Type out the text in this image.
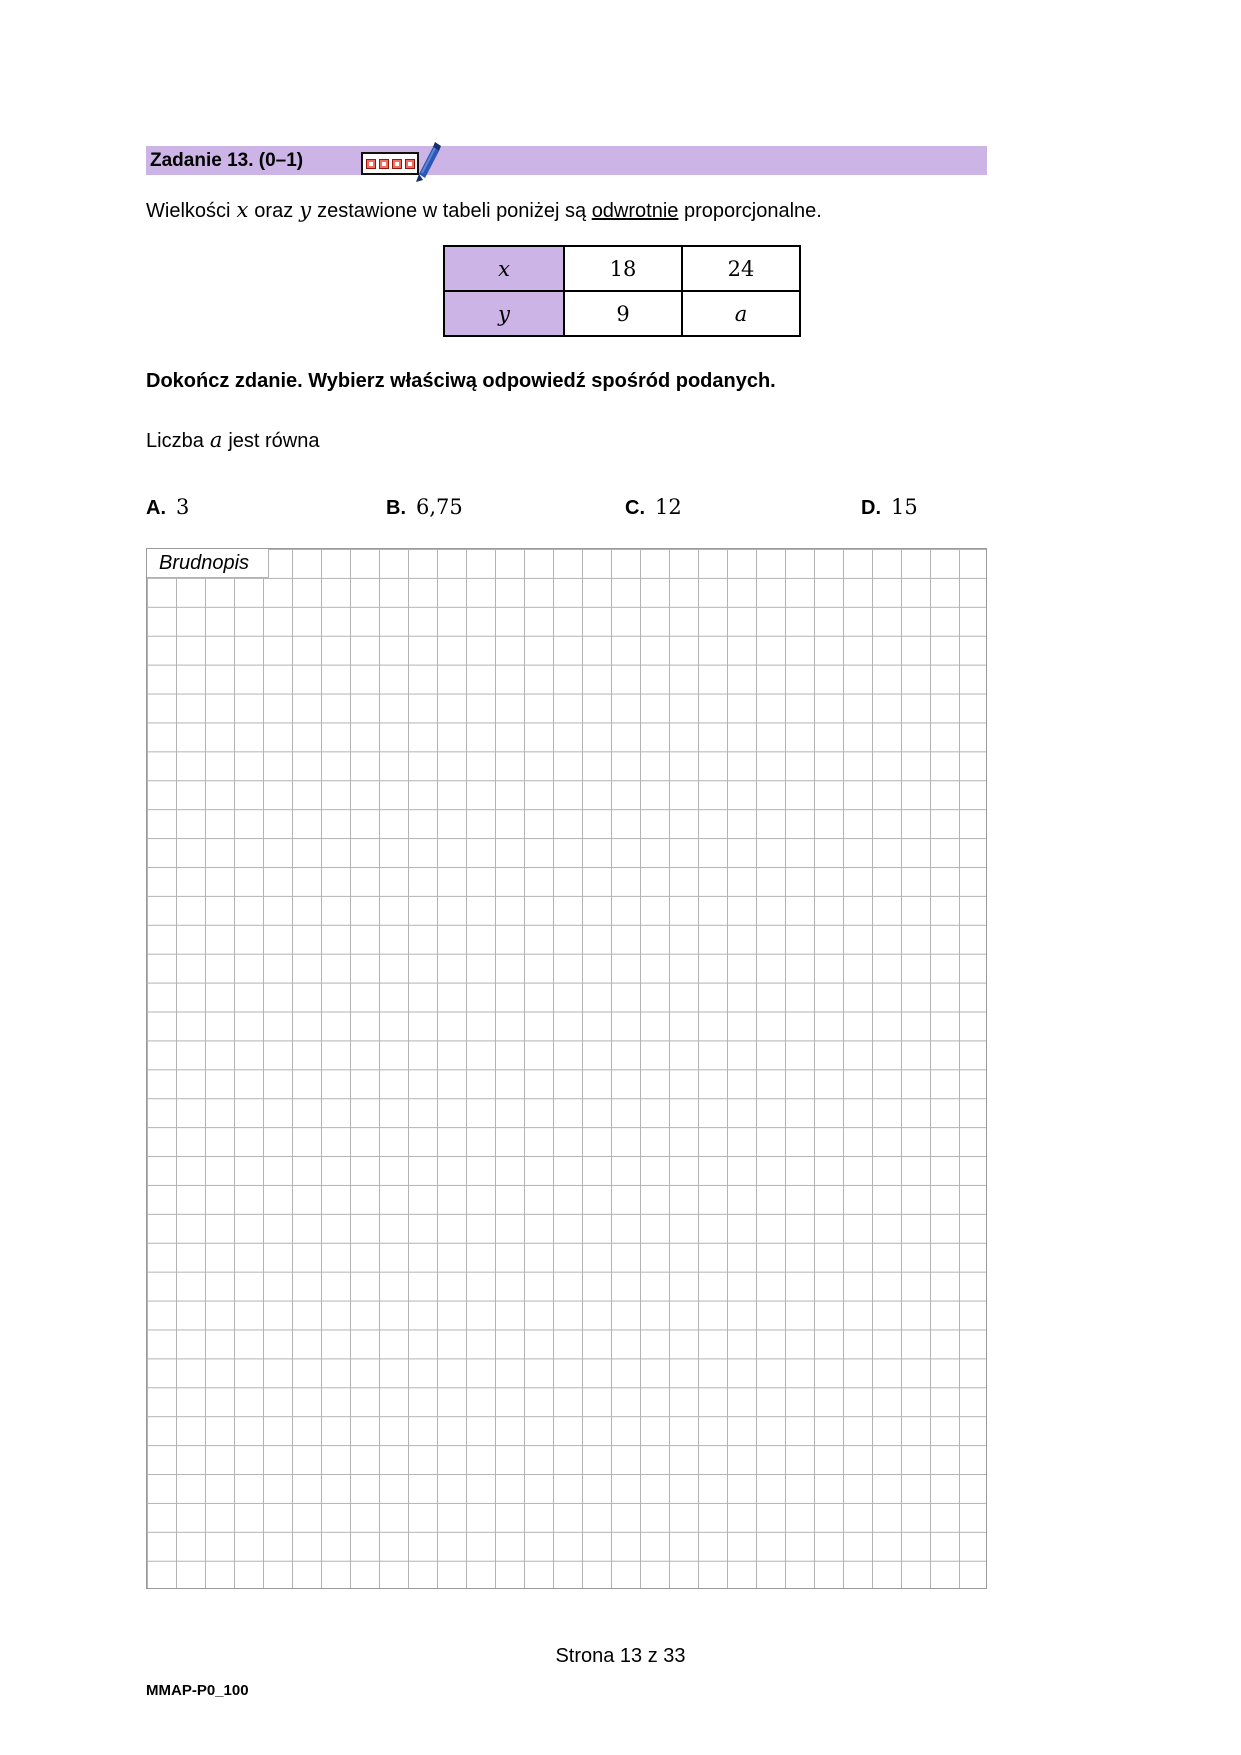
Zadanie 13. (0–1)
Wielkości x oraz y zestawione w tabeli poniżej są odwrotnie proporcjonalne.
x	18	24
y	9	a
Dokończ zdanie. Wybierz właściwą odpowiedź spośród podanych.
Liczba a jest równa
A. 3	B. 6,75	C. 12	D. 15
Brudnopis
Strona 13 z 33
MMAP-P0_100
